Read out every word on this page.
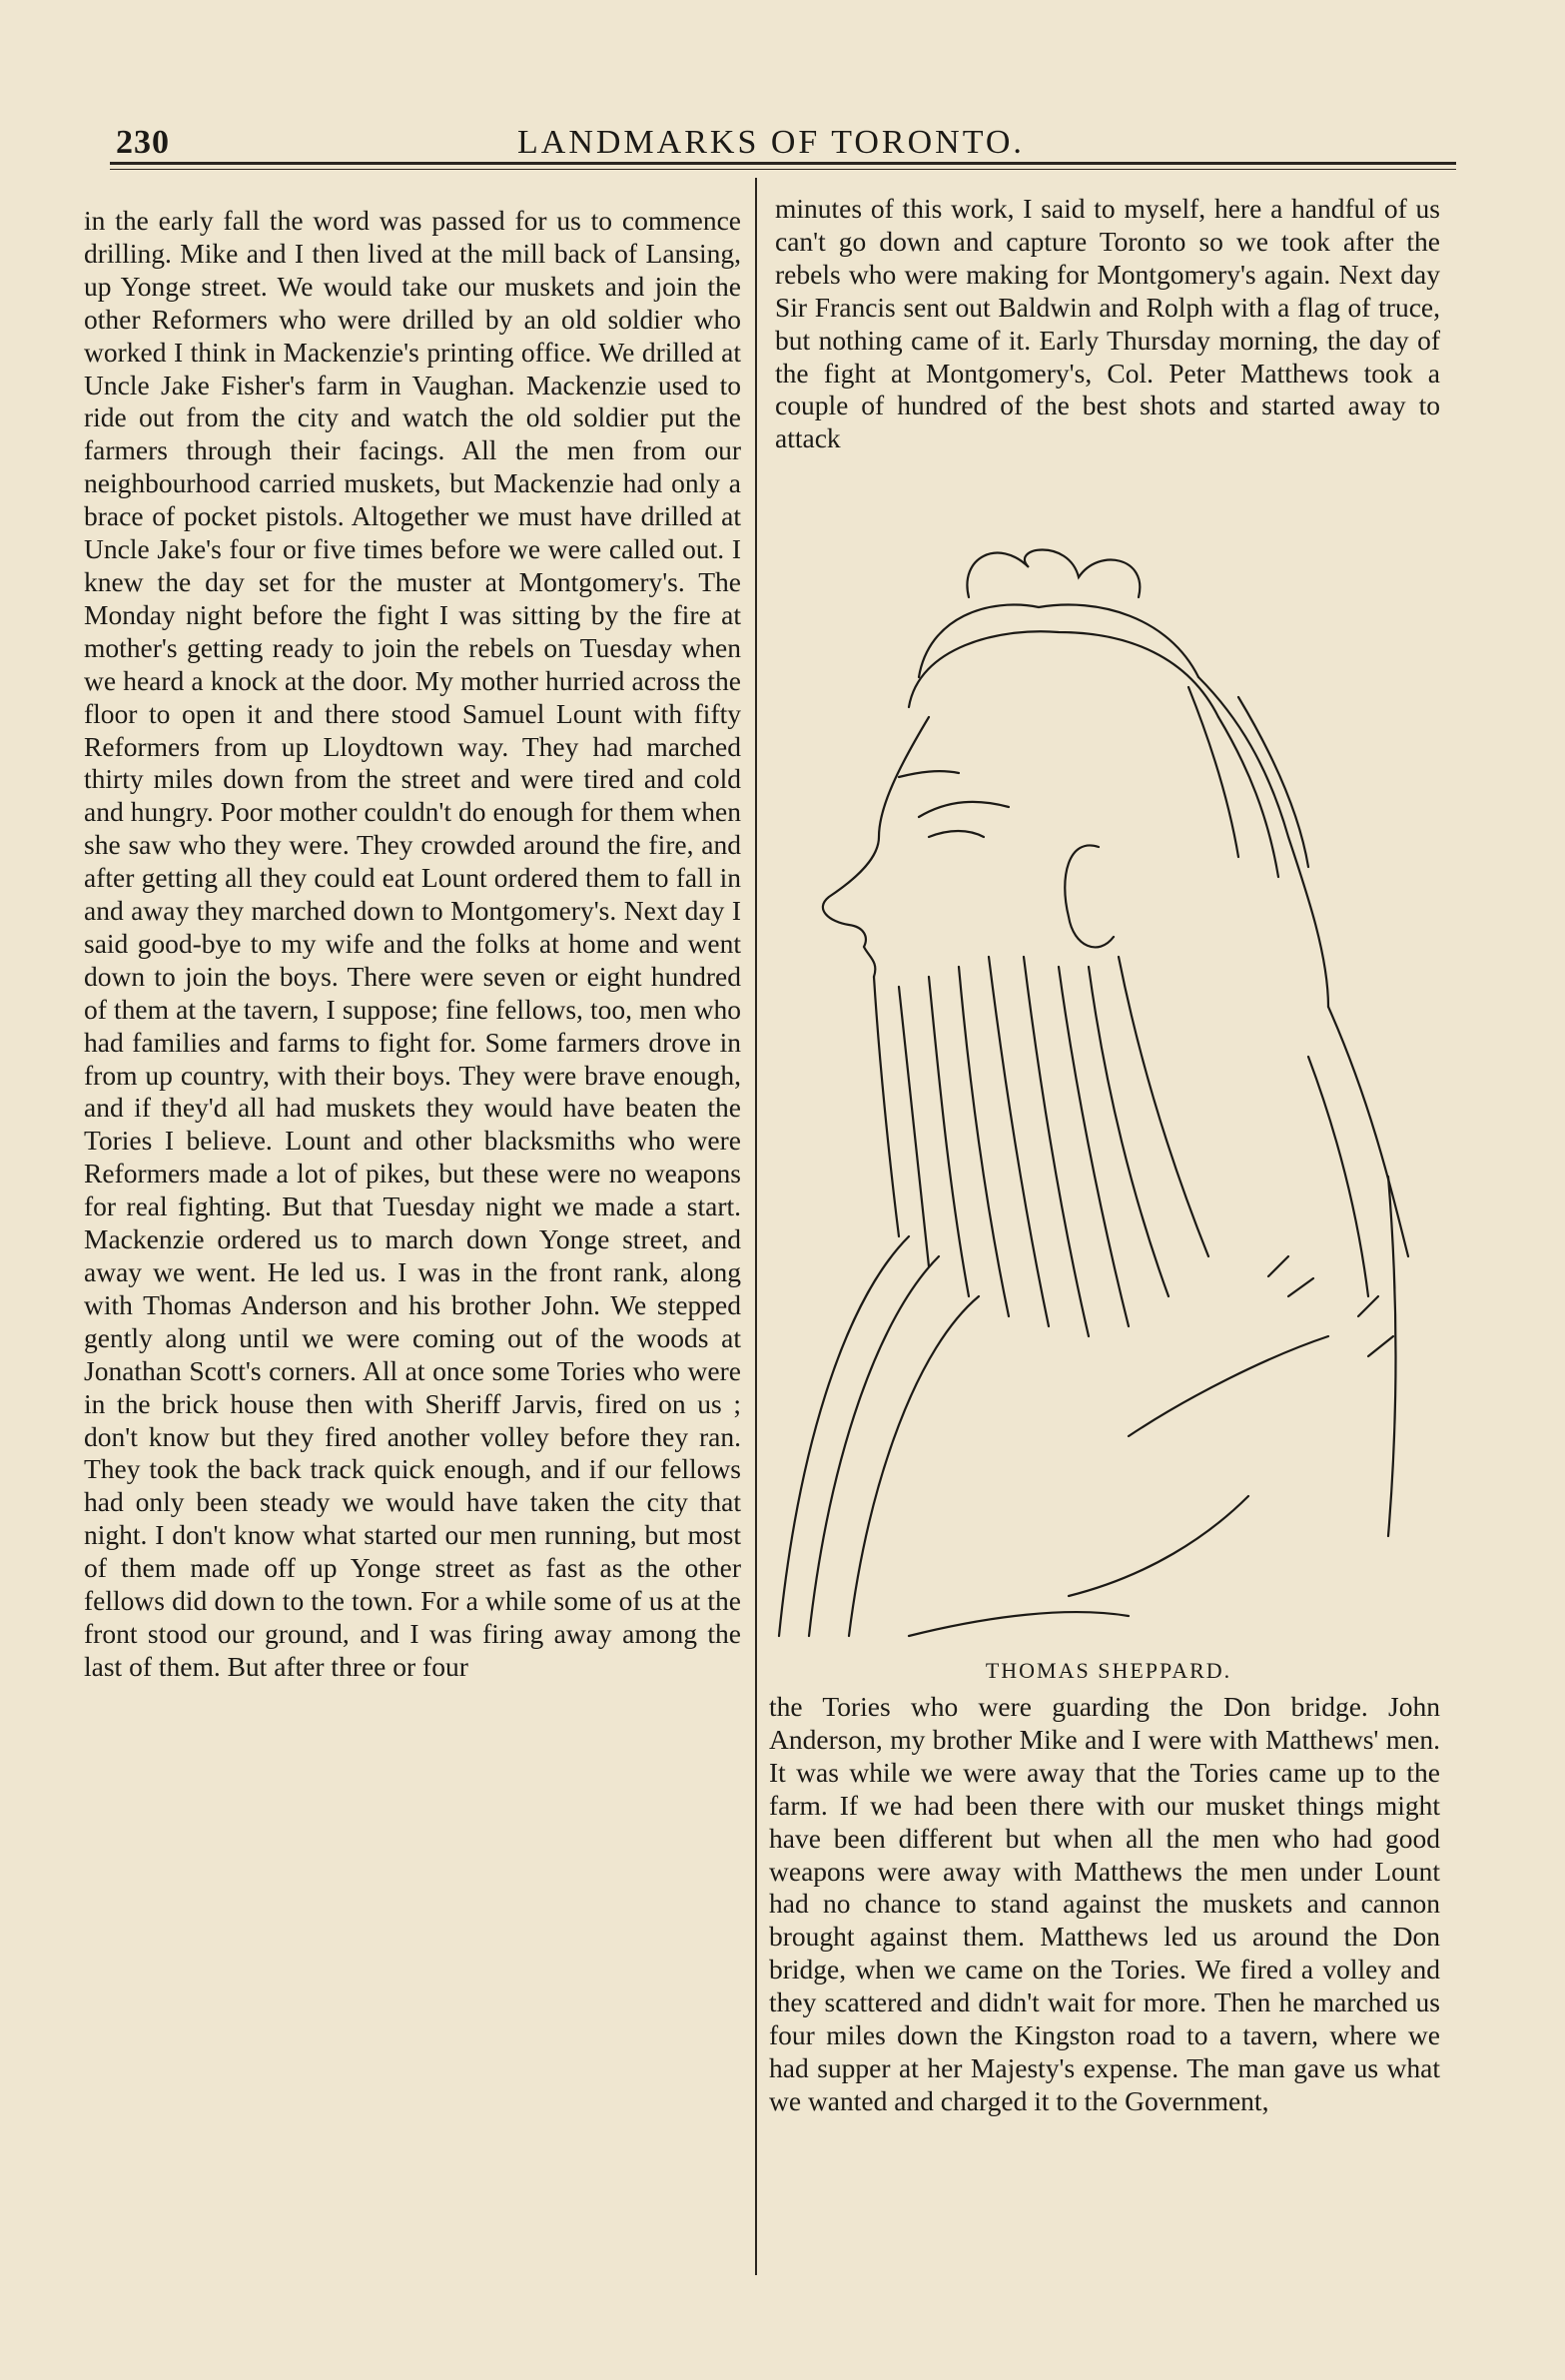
230	LANDMARKS OF TORONTO.

in the early fall the word was passed for us to commence drilling. Mike and I then lived at the mill back of Lansing, up Yonge street. We would take our muskets and join the other Reformers who were drilled by an old soldier who worked I think in Mackenzie's printing office. We drilled at Uncle Jake Fisher's farm in Vaughan. Mackenzie used to ride out from the city and watch the old soldier put the farmers through their facings. All the men from our neighbourhood carried muskets, but Mackenzie had only a brace of pocket pistols. Altogether we must have drilled at Uncle Jake's four or five times before we were called out. I knew the day set for the muster at Montgomery's. The Monday night before the fight I was sitting by the fire at mother's getting ready to join the rebels on Tuesday when we heard a knock at the door. My mother hurried across the floor to open it and there stood Samuel Lount with fifty Reformers from up Lloydtown way. They had marched thirty miles down from the street and were tired and cold and hungry. Poor mother couldn't do enough for them when she saw who they were. They crowded around the fire, and after getting all they could eat Lount ordered them to fall in and away they marched down to Montgomery's. Next day I said good-bye to my wife and the folks at home and went down to join the boys. There were seven or eight hundred of them at the tavern, I suppose; fine fellows, too, men who had families and farms to fight for. Some farmers drove in from up country, with their boys. They were brave enough, and if they'd all had muskets they would have beaten the Tories I believe. Lount and other blacksmiths who were Reformers made a lot of pikes, but these were no weapons for real fighting. But that Tuesday night we made a start. Mackenzie ordered us to march down Yonge street, and away we went. He led us. I was in the front rank, along with Thomas Anderson and his brother John. We stepped gently along until we were coming out of the woods at Jonathan Scott's corners. All at once some Tories who were in the brick house then with Sheriff Jarvis, fired on us ; don't know but they fired another volley before they ran. They took the back track quick enough, and if our fellows had only been steady we would have taken the city that night. I don't know what started our men running, but most of them made off up Yonge street as fast as the other fellows did down to the town. For a while some of us at the front stood our ground, and I was firing away among the last of them. But after three or four

minutes of this work, I said to myself, here a handful of us can't go down and capture Toronto so we took after the rebels who were making for Montgomery's again. Next day Sir Francis sent out Baldwin and Rolph with a flag of truce, but nothing came of it. Early Thursday morning, the day of the fight at Montgomery's, Col. Peter Matthews took a couple of hundred of the best shots and started away to attack

THOMAS SHEPPARD.

the Tories who were guarding the Don bridge. John Anderson, my brother Mike and I were with Matthews' men. It was while we were away that the Tories came up to the farm. If we had been there with our musket things might have been different but when all the men who had good weapons were away with Matthews the men under Lount had no chance to stand against the muskets and cannon brought against them. Matthews led us around the Don bridge, when we came on the Tories. We fired a volley and they scattered and didn't wait for more. Then he marched us four miles down the Kingston road to a tavern, where we had supper at her Majesty's expense. The man gave us what we wanted and charged it to the Government,
